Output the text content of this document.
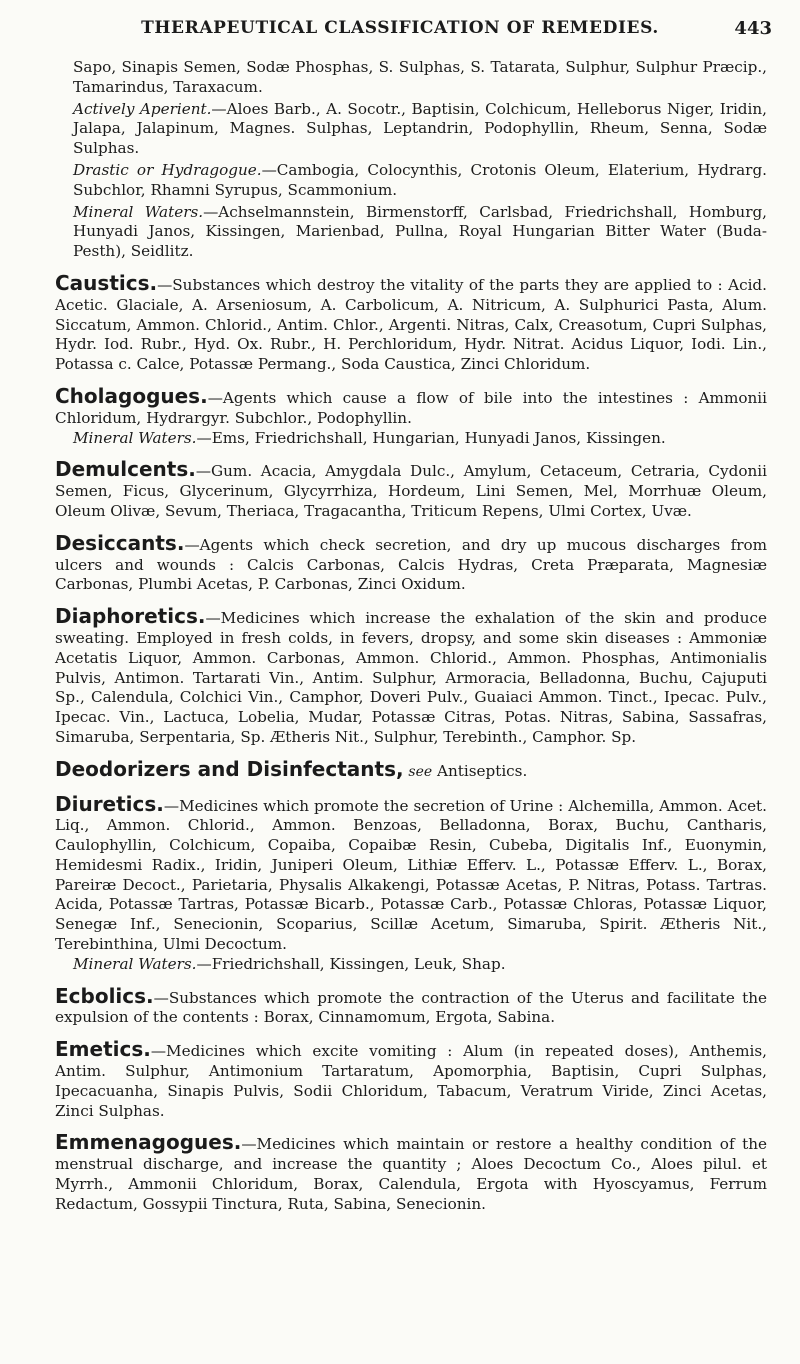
THERAPEUTICAL CLASSIFICATION OF REMEDIES.	443

Sapo, Sinapis Semen, Sodæ Phosphas, S. Sulphas, S. Tatarata, Sulphur, Sulphur Præcip., Tamarindus, Taraxacum.

Actively Aperient.—Aloes Barb., A. Socotr., Baptisin, Colchicum, Helleborus Niger, Iridin, Jalapa, Jalapinum, Magnes. Sulphas, Leptandrin, Podophyllin, Rheum, Senna, Sodæ Sulphas.

Drastic or Hydragogue.—Cambogia, Colocynthis, Crotonis Oleum, Elaterium, Hydrarg. Subchlor, Rhamni Syrupus, Scammonium.

Mineral Waters.—Achselmannstein, Birmenstorff, Carlsbad, Friedrichshall, Homburg, Hunyadi Janos, Kissingen, Marienbad, Pullna, Royal Hungarian Bitter Water (Buda-Pesth), Seidlitz.

Caustics.—Substances which destroy the vitality of the parts they are applied to : Acid. Acetic. Glaciale, A. Arseniosum, A. Carbolicum, A. Nitricum, A. Sulphurici Pasta, Alum. Siccatum, Ammon. Chlorid., Antim. Chlor., Argenti. Nitras, Calx, Creasotum, Cupri Sulphas, Hydr. Iod. Rubr., Hyd. Ox. Rubr., H. Perchloridum, Hydr. Nitrat. Acidus Liquor, Iodi. Lin., Potassa c. Calce, Potassæ Permang., Soda Caustica, Zinci Chloridum.

Cholagogues.—Agents which cause a flow of bile into the intestines : Ammonii Chloridum, Hydrargyr. Subchlor., Podophyllin.

Mineral Waters.—Ems, Friedrichshall, Hungarian, Hunyadi Janos, Kissingen.

Demulcents.—Gum. Acacia, Amygdala Dulc., Amylum, Cetaceum, Cetraria, Cydonii Semen, Ficus, Glycerinum, Glycyrrhiza, Hordeum, Lini Semen, Mel, Morrhuæ Oleum, Oleum Olivæ, Sevum, Theriaca, Tragacantha, Triticum Repens, Ulmi Cortex, Uvæ.

Desiccants.—Agents which check secretion, and dry up mucous discharges from ulcers and wounds : Calcis Carbonas, Calcis Hydras, Creta Præparata, Magnesiæ Carbonas, Plumbi Acetas, P. Carbonas, Zinci Oxidum.

Diaphoretics.—Medicines which increase the exhalation of the skin and produce sweating. Employed in fresh colds, in fevers, dropsy, and some skin diseases : Ammoniæ Acetatis Liquor, Ammon. Carbonas, Ammon. Chlorid., Ammon. Phosphas, Antimonialis Pulvis, Antimon. Tartarati Vin., Antim. Sulphur, Armoracia, Belladonna, Buchu, Cajuputi Sp., Calendula, Colchici Vin., Camphor, Doveri Pulv., Guaiaci Ammon. Tinct., Ipecac. Pulv., Ipecac. Vin., Lactuca, Lobelia, Mudar, Potassæ Citras, Potas. Nitras, Sabina, Sassafras, Simaruba, Serpentaria, Sp. Ætheris Nit., Sulphur, Terebinth., Camphor. Sp.

Deodorizers and Disinfectants, see Antiseptics.

Diuretics.—Medicines which promote the secretion of Urine : Alchemilla, Ammon. Acet. Liq., Ammon. Chlorid., Ammon. Benzoas, Belladonna, Borax, Buchu, Cantharis, Caulophyllin, Colchicum, Copaiba, Copaibæ Resin, Cubeba, Digitalis Inf., Euonymin, Hemidesmi Radix., Iridin, Juniperi Oleum, Lithiæ Efferv. L., Potassæ Efferv. L., Borax, Pareiræ Decoct., Parietaria, Physalis Alkakengi, Potassæ Acetas, P. Nitras, Potass. Tartras. Acida, Potassæ Tartras, Potassæ Bicarb., Potassæ Carb., Potassæ Chloras, Potassæ Liquor, Senegæ Inf., Senecionin, Scoparius, Scillæ Acetum, Simaruba, Spirit. Ætheris Nit., Terebinthina, Ulmi Decoctum.

Mineral Waters.—Friedrichshall, Kissingen, Leuk, Shap.

Ecbolics.—Substances which promote the contraction of the Uterus and facilitate the expulsion of the contents : Borax, Cinnamomum, Ergota, Sabina.

Emetics.—Medicines which excite vomiting : Alum (in repeated doses), Anthemis, Antim. Sulphur, Antimonium Tartaratum, Apomorphia, Baptisin, Cupri Sulphas, Ipecacuanha, Sinapis Pulvis, Sodii Chloridum, Tabacum, Veratrum Viride, Zinci Acetas, Zinci Sulphas.

Emmenagogues.—Medicines which maintain or restore a healthy condition of the menstrual discharge, and increase the quantity ; Aloes Decoctum Co., Aloes pilul. et Myrrh., Ammonii Chloridum, Borax, Calendula, Ergota with Hyoscyamus, Ferrum Redactum, Gossypii Tinctura, Ruta, Sabina, Senecionin.
